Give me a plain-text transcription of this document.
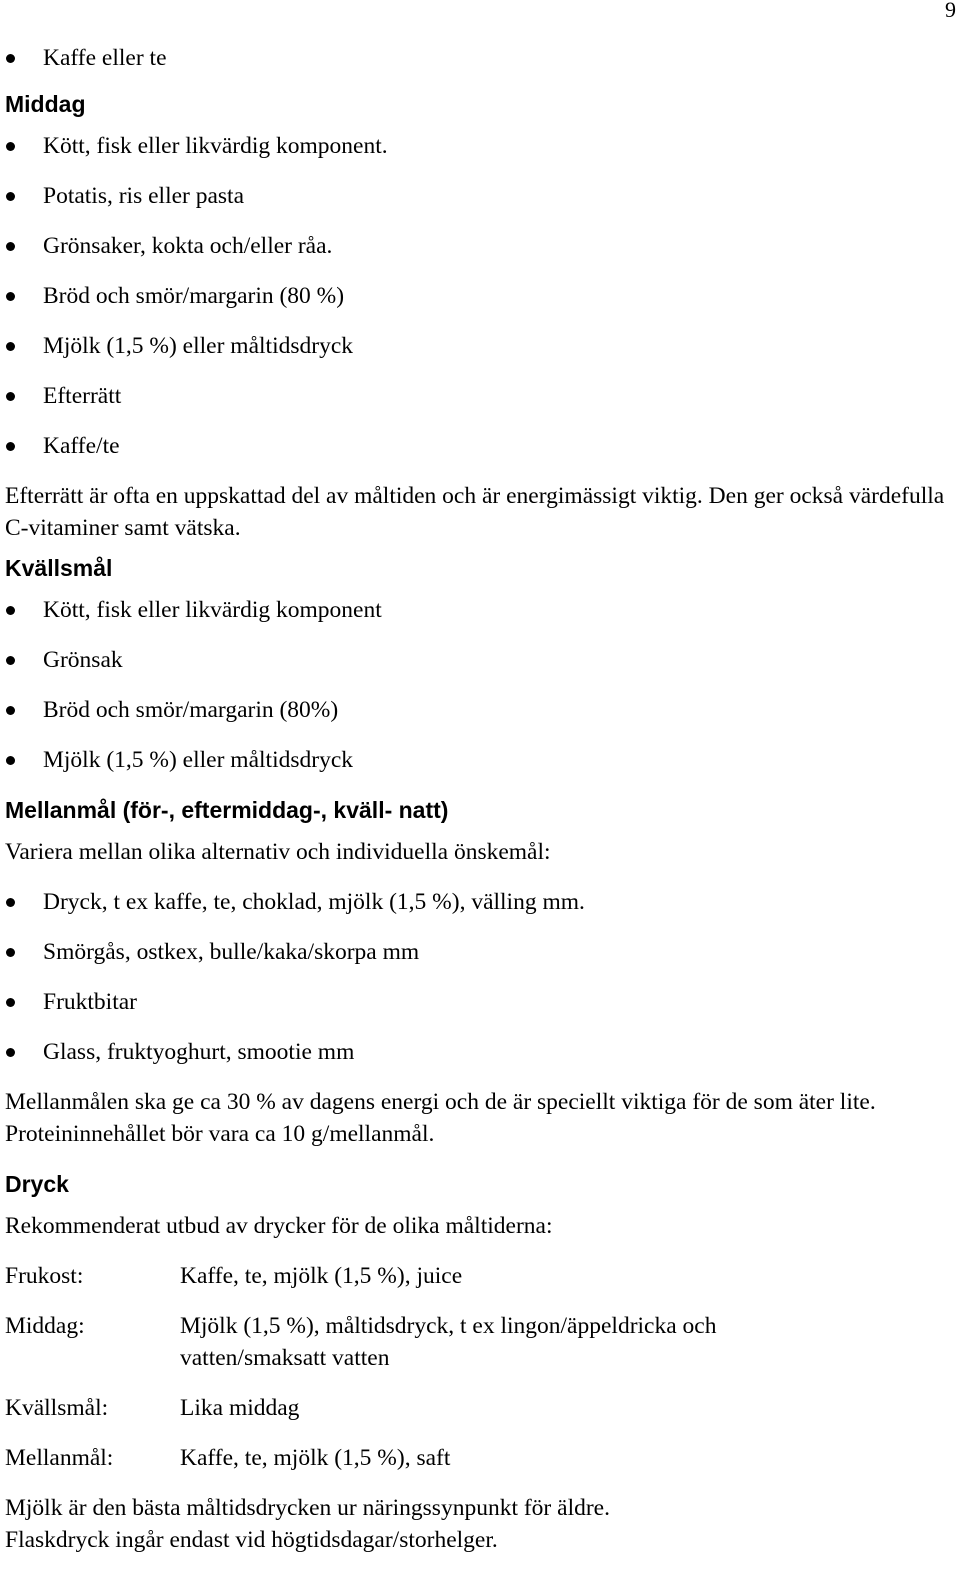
9
Kaffe eller te
Middag
Kött, fisk eller likvärdig komponent.
Potatis, ris eller pasta
Grönsaker, kokta och/eller råa.
Bröd och smör/margarin (80 %)
Mjölk (1,5 %) eller måltidsdryck
Efterrätt
Kaffe/te

Efterrätt är ofta en uppskattad del av måltiden och är energimässigt viktig. Den ger också värdefulla C-vitaminer samt vätska.

Kvällsmål
Kött, fisk eller likvärdig komponent
Grönsak
Bröd och smör/margarin (80%)
Mjölk (1,5 %) eller måltidsdryck
Mellanmål (för-, eftermiddag-, kväll- natt)

Variera mellan olika alternativ och individuella önskemål:

Dryck, t ex kaffe, te, choklad, mjölk (1,5 %), välling mm.
Smörgås, ostkex, bulle/kaka/skorpa mm
Fruktbitar
Glass, fruktyoghurt, smootie mm

Mellanmålen ska ge ca 30 % av dagens energi och de är speciellt viktiga för de som äter lite. Proteininnehållet bör vara ca 10 g/mellanmål.

Dryck

Rekommenderat utbud av drycker för de olika måltiderna:

Frukost:	Kaffe, te, mjölk (1,5 %), juice
Middag:	Mjölk (1,5 %), måltidsdryck, t ex lingon/äppeldricka och vatten/smaksatt vatten
Kvällsmål:	Lika middag
Mellanmål:	Kaffe, te, mjölk (1,5 %), saft

Mjölk är den bästa måltidsdrycken ur näringssynpunkt för äldre.

Flaskdryck ingår endast vid högtidsdagar/storhelger.
